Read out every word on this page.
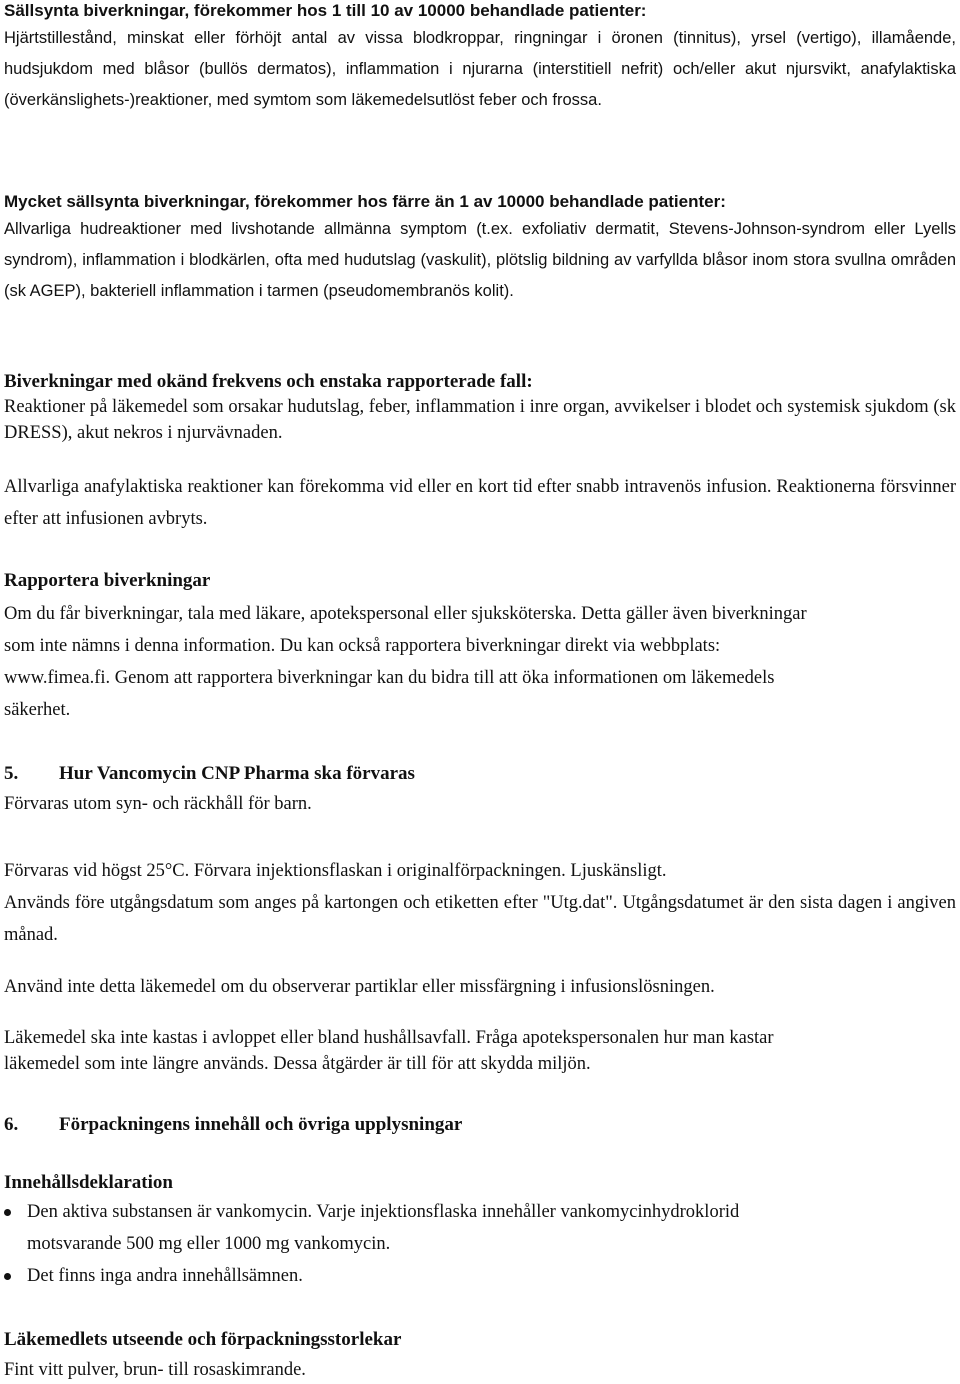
Sällsynta biverkningar, förekommer hos 1 till 10 av 10000 behandlade patienter:
Hjärtstillestånd, minskat eller förhöjt antal av vissa blodkroppar, ringningar i öronen (tinnitus), yrsel (vertigo), illamående, hudsjukdom med blåsor (bullös dermatos), inflammation i njurarna (interstitiell nefrit) och/eller akut njursvikt, anafylaktiska (överkänslighets-)reaktioner, med symtom som läkemedelsutlöst feber och frossa.
Mycket sällsynta biverkningar, förekommer hos färre än 1 av 10000 behandlade patienter:
Allvarliga hudreaktioner med livshotande allmänna symptom (t.ex. exfoliativ dermatit, Stevens-Johnson-syndrom eller Lyells syndrom), inflammation i blodkärlen, ofta med hudutslag (vaskulit), plötslig bildning av varfyllda blåsor inom stora svullna områden (sk AGEP), bakteriell inflammation i tarmen (pseudomembranös kolit).
Biverkningar med okänd frekvens och enstaka rapporterade fall:
Reaktioner på läkemedel som orsakar hudutslag, feber, inflammation i inre organ, avvikelser i blodet och systemisk sjukdom (sk DRESS), akut nekros i njurvävnaden.
Allvarliga anafylaktiska reaktioner kan förekomma vid eller en kort tid efter snabb intravenös infusion. Reaktionerna försvinner efter att infusionen avbryts.
Rapportera biverkningar
Om du får biverkningar, tala med läkare, apotekspersonal eller sjuksköterska. Detta gäller även biverkningar
som inte nämns i denna information. Du kan också rapportera biverkningar direkt via webbplats:
www.fimea.fi. Genom att rapportera biverkningar kan du bidra till att öka informationen om läkemedels
säkerhet.
5. Hur Vancomycin CNP Pharma ska förvaras
Förvaras utom syn- och räckhåll för barn.
Förvaras vid högst 25°C. Förvara injektionsflaskan i originalförpackningen. Ljuskänsligt.
Används före utgångsdatum som anges på kartongen och etiketten efter "Utg.dat". Utgångsdatumet är den sista dagen i angiven månad.
Använd inte detta läkemedel om du observerar partiklar eller missfärgning i infusionslösningen.
Läkemedel ska inte kastas i avloppet eller bland hushållsavfall. Fråga apotekspersonalen hur man kastar
läkemedel som inte längre används. Dessa åtgärder är till för att skydda miljön.
6. Förpackningens innehåll och övriga upplysningar
Innehållsdeklaration
Den aktiva substansen är vankomycin. Varje injektionsflaska innehåller vankomycinhydroklorid
motsvarande 500 mg eller 1000 mg vankomycin.
Det finns inga andra innehållsämnen.
Läkemedlets utseende och förpackningsstorlekar
Fint vitt pulver, brun- till rosaskimrande.
